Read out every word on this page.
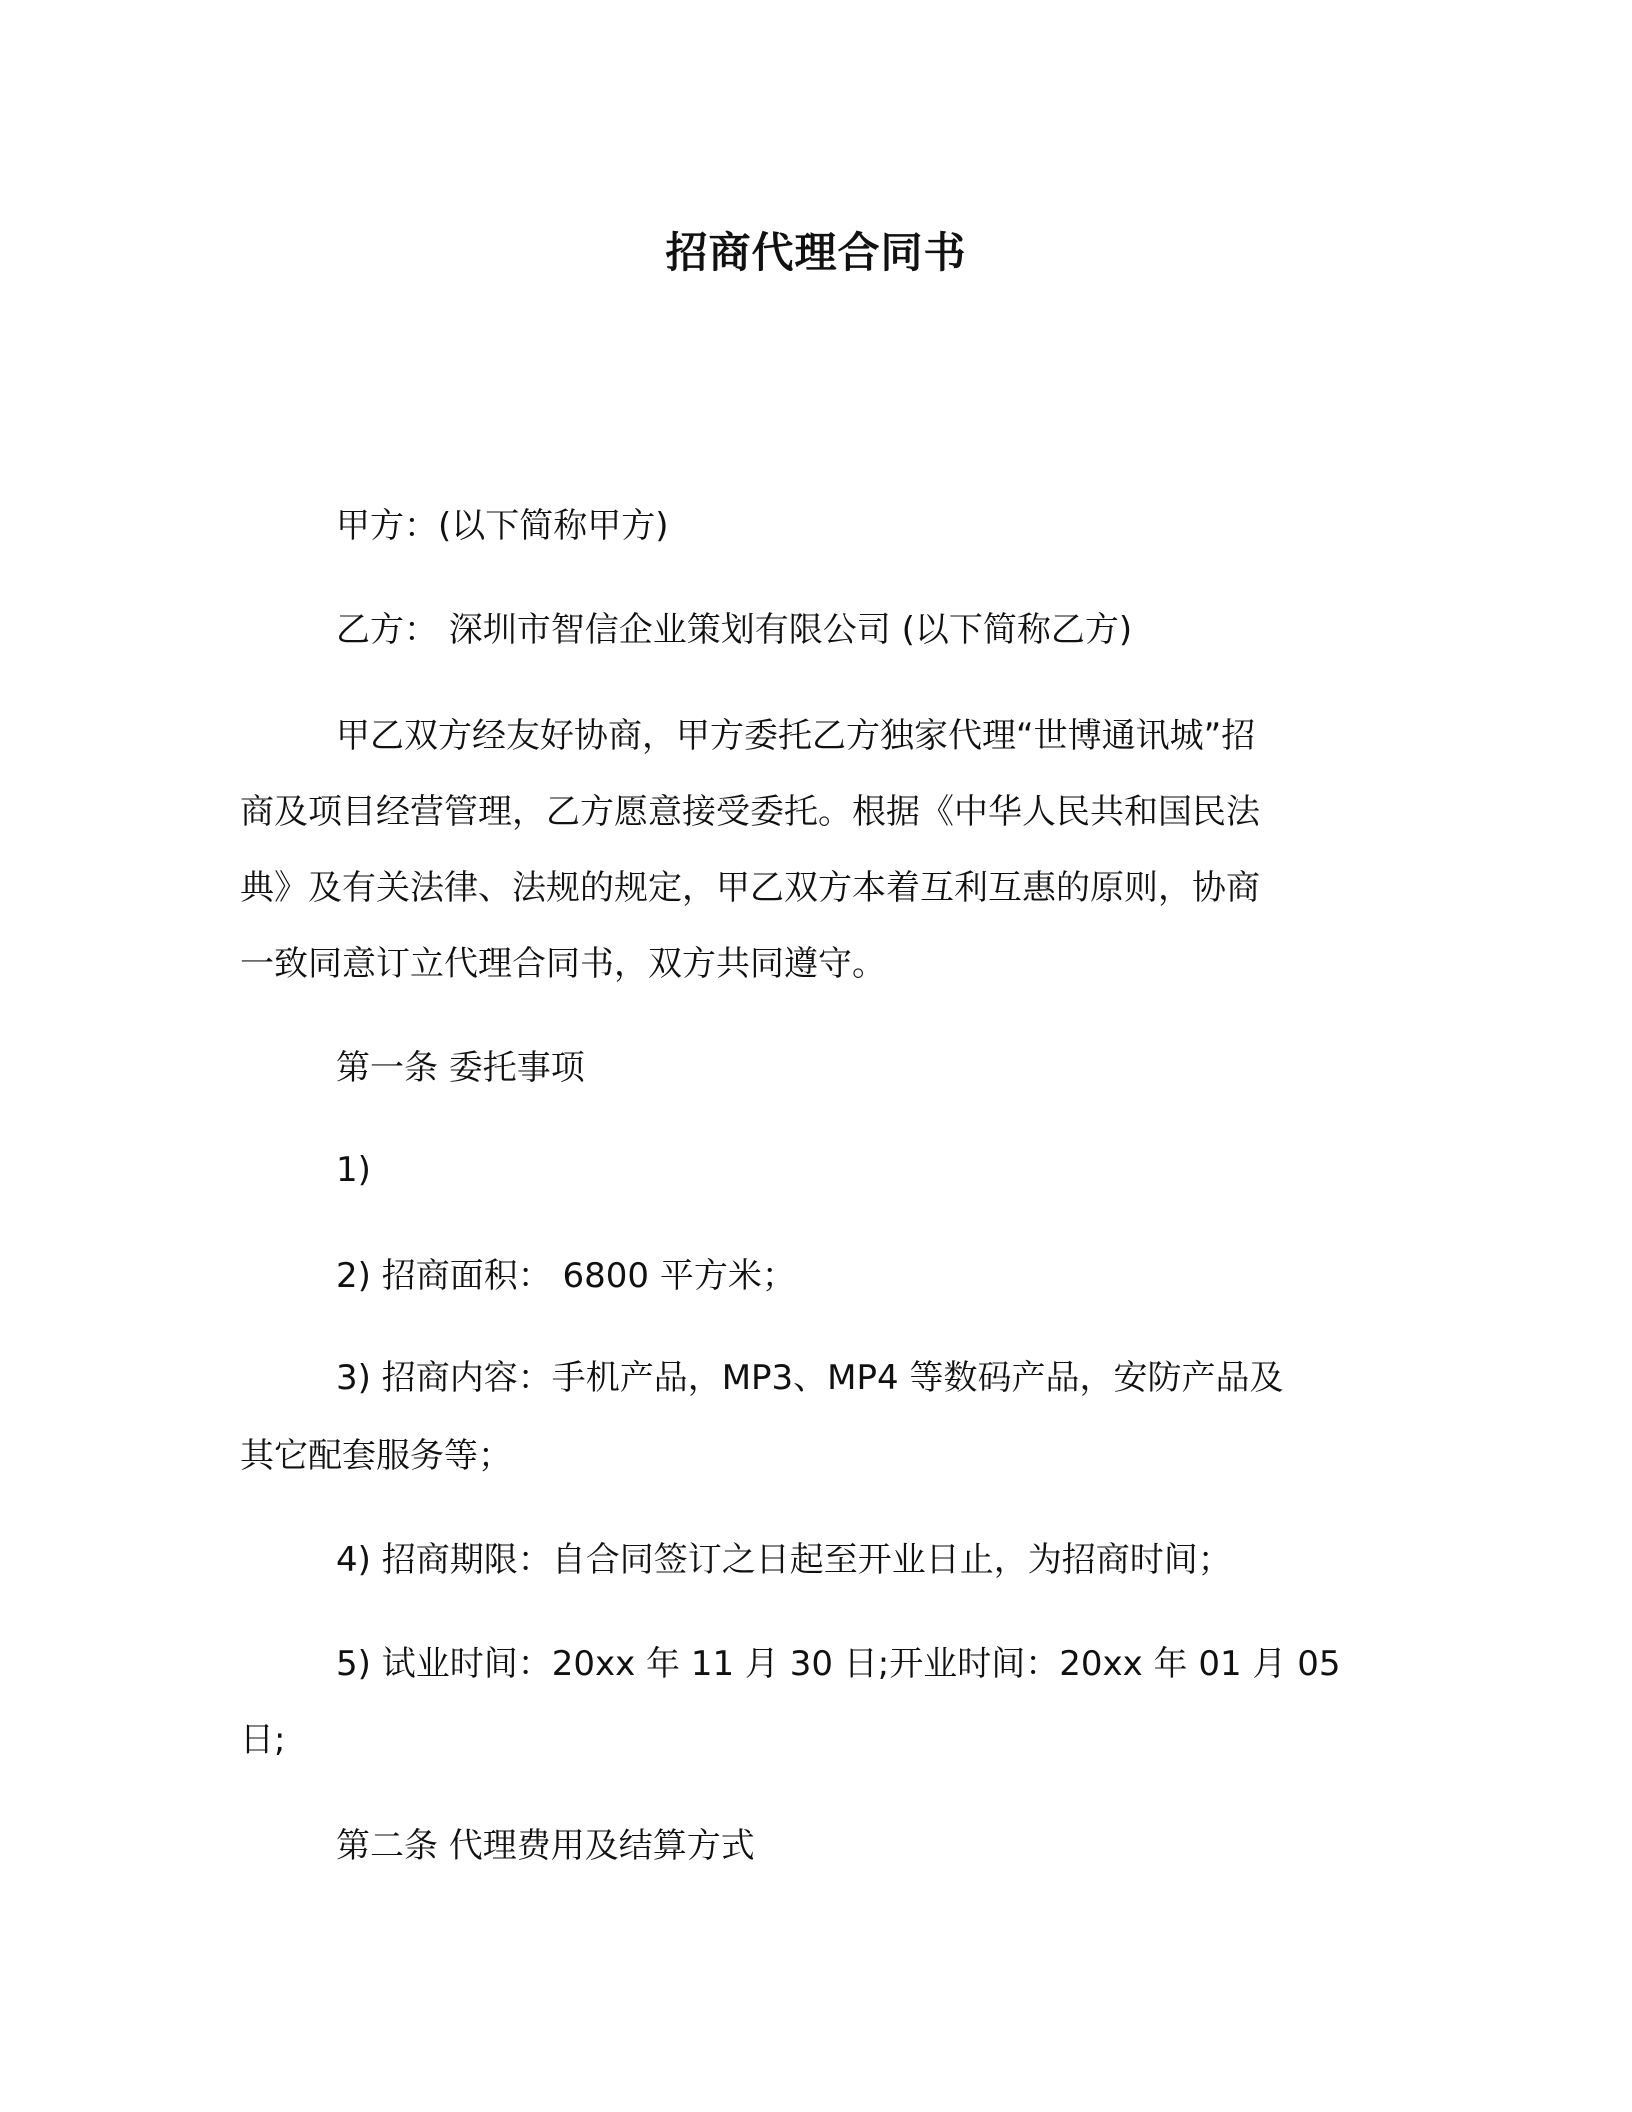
招商代理合同书
甲方：(以下简称甲方)
乙方： 深圳市智信企业策划有限公司 (以下简称乙方)
甲乙双方经友好协商，甲方委托乙方独家代理“世博通讯城”招
商及项目经营管理，乙方愿意接受委托。根据《中华人民共和国民法
典》及有关法律、法规的规定，甲乙双方本着互利互惠的原则，协商
一致同意订立代理合同书，双方共同遵守。
第一条 委托事项
1)
2) 招商面积： 6800 平方米；
3) 招商内容：手机产品，MP3、MP4 等数码产品，安防产品及
其它配套服务等；
4) 招商期限：自合同签订之日起至开业日止，为招商时间；
5) 试业时间：20xx 年 11 月 30 日;开业时间：20xx 年 01 月 05
日;
第二条 代理费用及结算方式
